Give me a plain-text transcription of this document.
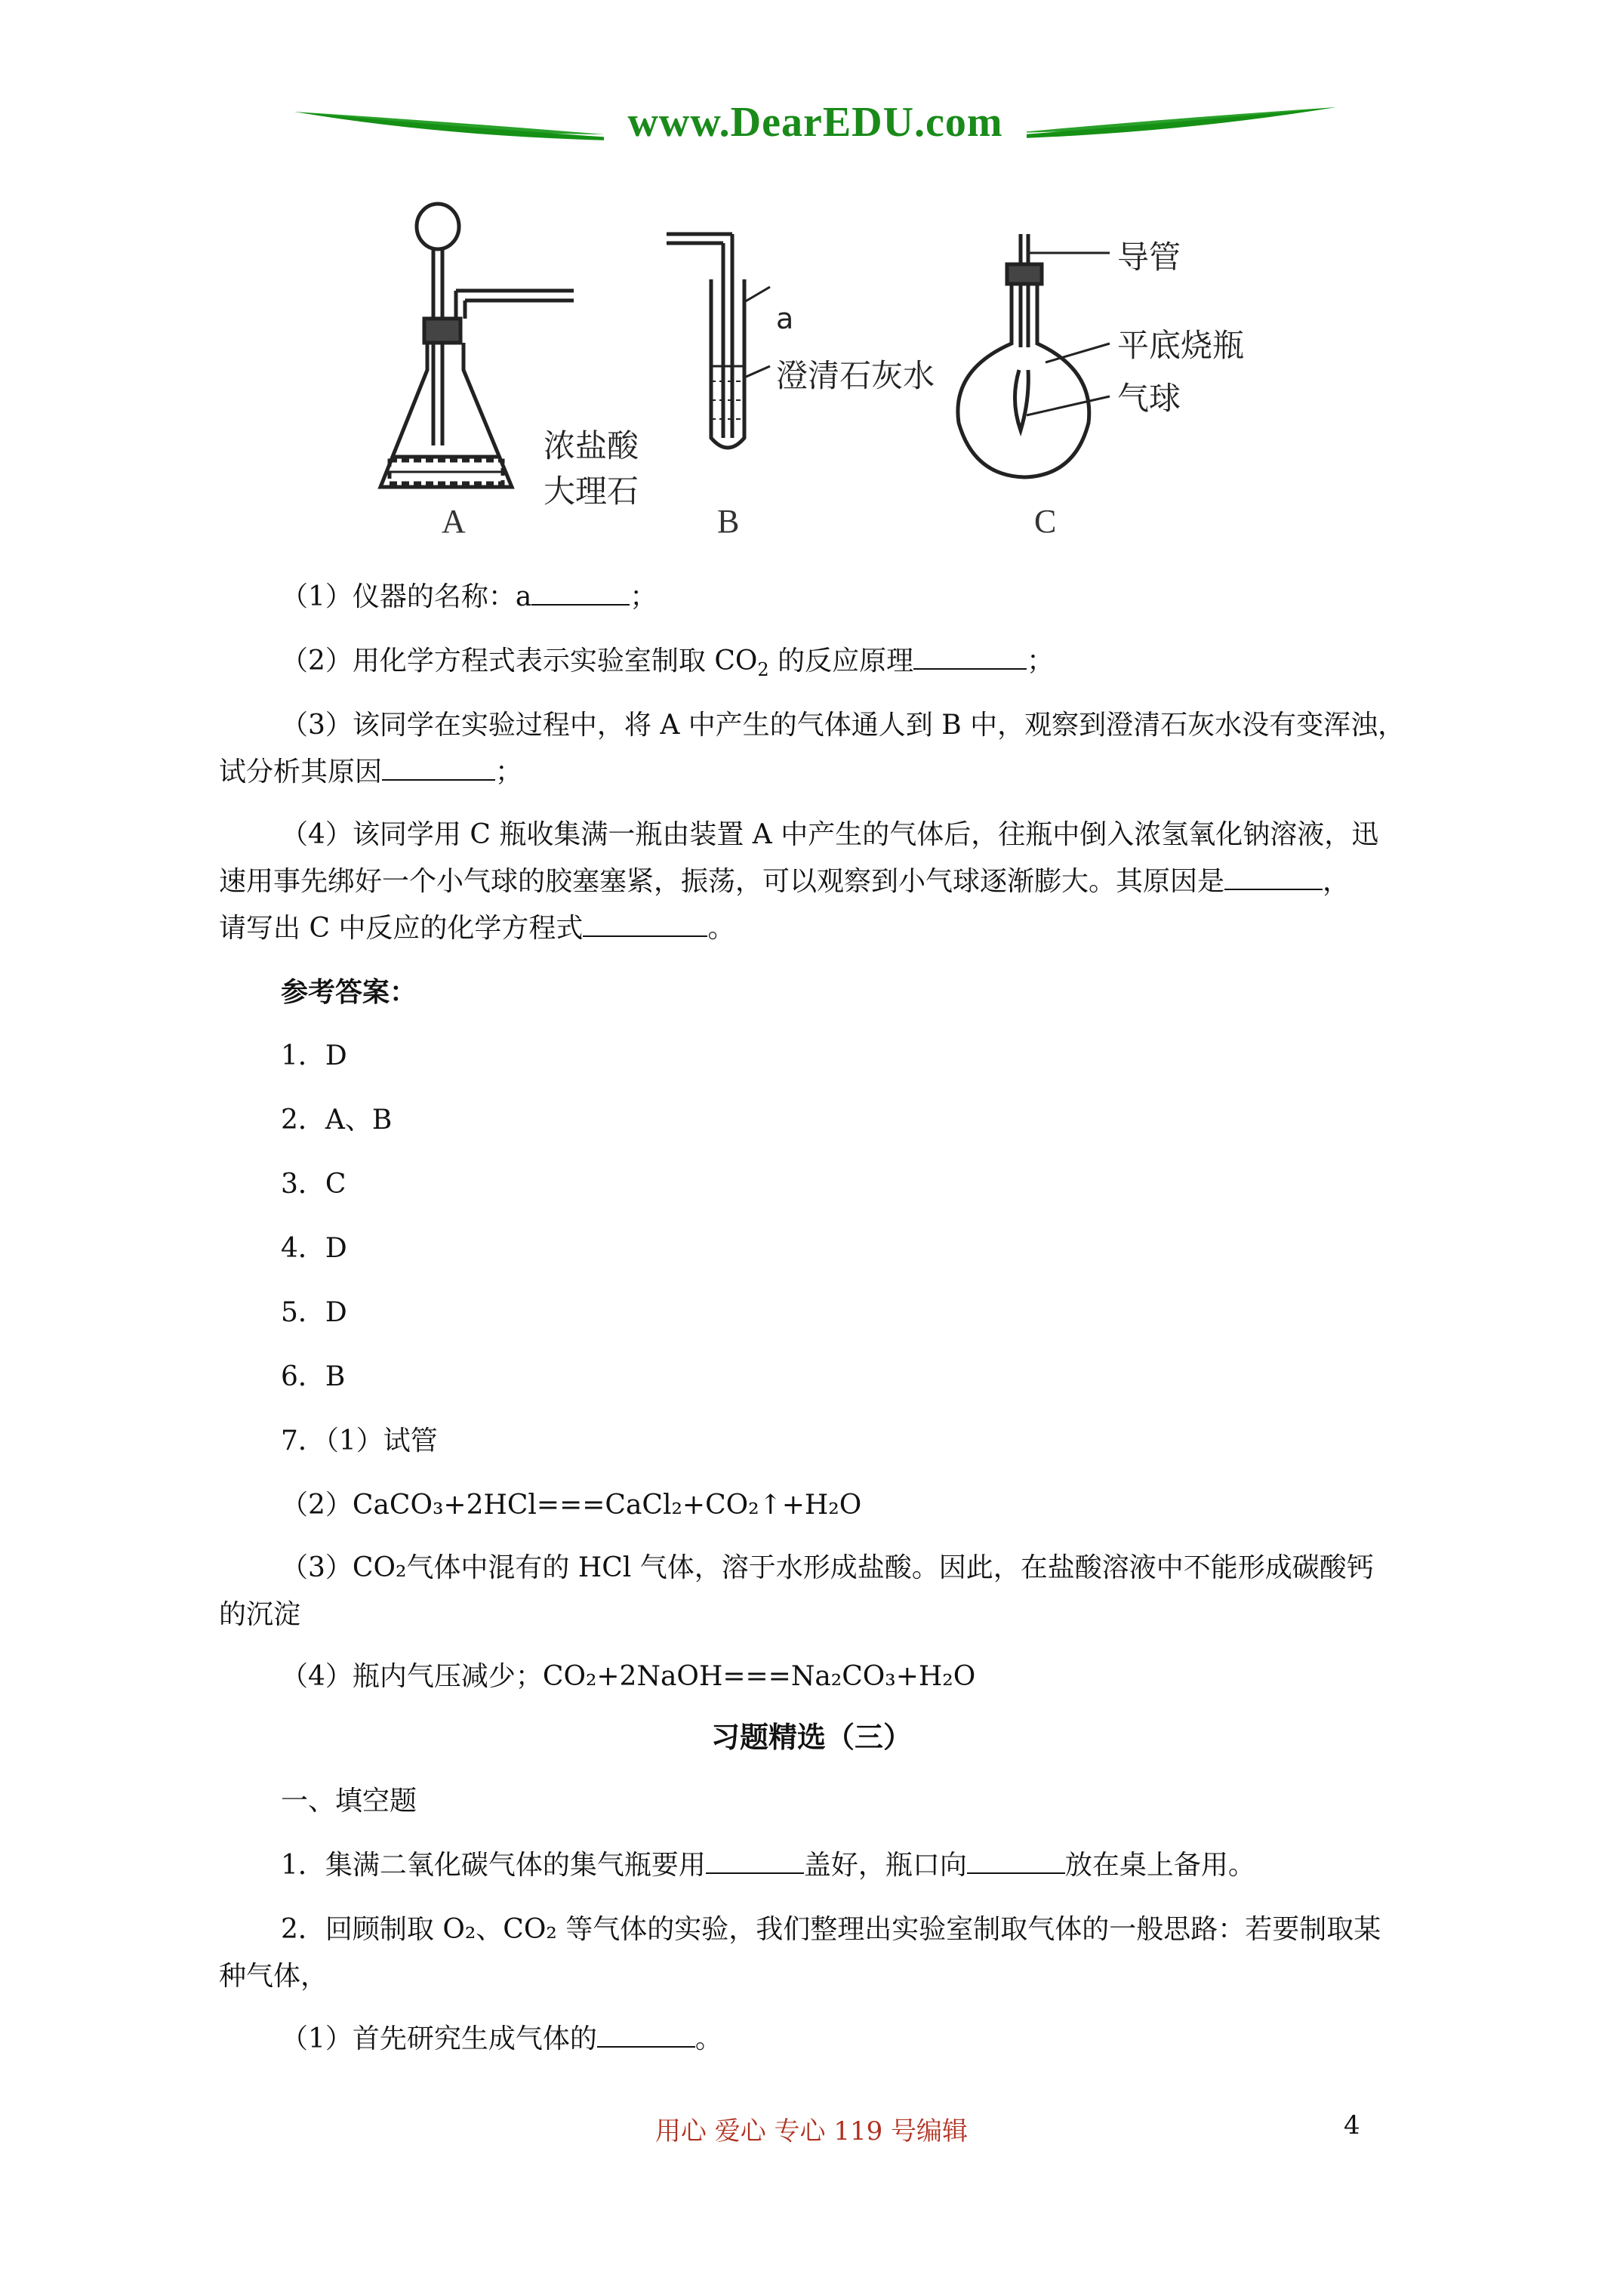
www.DearEDU.com
浓盐酸
大理石
a
澄清石灰水
导管
平底烧瓶
气球
A	B	C
（1）仪器的名称：a	；
（2）用化学方程式表示实验室制取 $CO_2$ 的反应原理	；
（3）该同学在实验过程中，将 A 中产生的气体通人到 B 中，观察到澄清石灰水没有变浑浊，
试分析其原因	；
（4）该同学用 C 瓶收集满一瓶由装置 A 中产生的气体后，往瓶中倒入浓氢氧化钠溶液，迅
速用事先绑好一个小气球的胶塞塞紧，振荡，可以观察到小气球逐渐膨大。其原因是	，
请写出 C 中反应的化学方程式	。
参考答案：
1．D
2．A、B
3．C
4．D
5．D
6．B
7．（1）试管
（2）CaCO₃+2HCl===CaCl₂+CO₂↑+H₂O
（3）CO₂气体中混有的 HCl 气体，溶于水形成盐酸。因此，在盐酸溶液中不能形成碳酸钙
的沉淀
（4）瓶内气压减少；CO₂+2NaOH===Na₂CO₃+H₂O
习题精选（三）
一、填空题
1．集满二氧化碳气体的集气瓶要用	盖好，瓶口向	放在桌上备用。
2．回顾制取 O₂、CO₂ 等气体的实验，我们整理出实验室制取气体的一般思路：若要制取某
种气体，
（1）首先研究生成气体的	。
用心 爱心 专心 119 号编辑	4
